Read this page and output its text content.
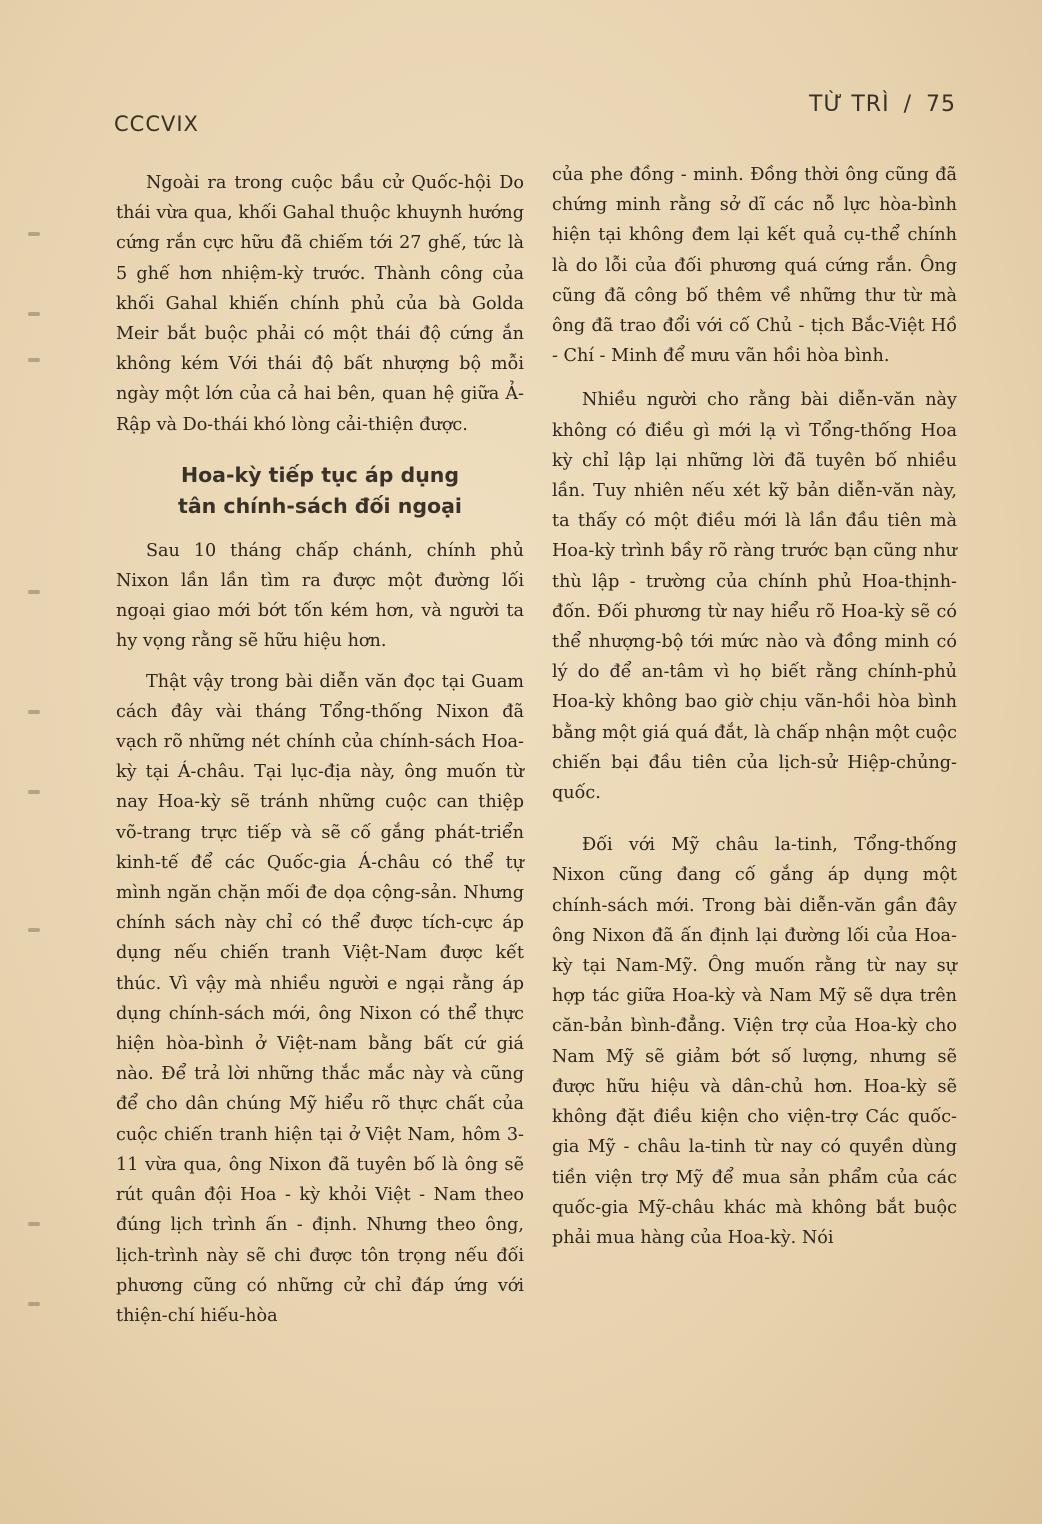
CCCVIX
TỪ TRÌ / 75

Ngoài ra trong cuộc bầu cử Quốc-hội Do thái vừa qua, khối Gahal thuộc khuynh hướng cứng rắn cực hữu đã chiếm tới 27 ghế, tức là 5 ghế hơn nhiệm-kỳ trước. Thành công của khối Gahal khiến chính phủ của bà Golda Meir bắt buộc phải có một thái độ cứng ắn không kém Với thái độ bất nhượng bộ mỗi ngày một lớn của cả hai bên, quan hệ giữa Ả-Rập và Do-thái khó lòng cải-thiện được.

Hoa-kỳ tiếp tục áp dụng
tân chính-sách đối ngoại

Sau 10 tháng chấp chánh, chính phủ Nixon lần lần tìm ra được một đường lối ngoại giao mới bớt tốn kém hơn, và người ta hy vọng rằng sẽ hữu hiệu hơn.

Thật vậy trong bài diễn văn đọc tại Guam cách đây vài tháng Tổng-thống Nixon đã vạch rõ những nét chính của chính-sách Hoa-kỳ tại Á-châu. Tại lục-địa này, ông muốn từ nay Hoa-kỳ sẽ tránh những cuộc can thiệp võ-trang trực tiếp và sẽ cố gắng phát-triển kinh-tế để các Quốc-gia Á-châu có thể tự mình ngăn chặn mối đe dọa cộng-sản. Nhưng chính sách này chỉ có thể được tích-cực áp dụng nếu chiến tranh Việt-Nam được kết thúc. Vì vậy mà nhiều người e ngại rằng áp dụng chính-sách mới, ông Nixon có thể thực hiện hòa-bình ở Việt-nam bằng bất cứ giá nào. Để trả lời những thắc mắc này và cũng để cho dân chúng Mỹ hiểu rõ thực chất của cuộc chiến tranh hiện tại ở Việt Nam, hôm 3-11 vừa qua, ông Nixon đã tuyên bố là ông sẽ rút quân đội Hoa - kỳ khỏi Việt - Nam theo đúng lịch trình ấn - định. Nhưng theo ông, lịch-trình này sẽ chi được tôn trọng nếu đối phương cũng có những cử chỉ đáp ứng với thiện-chí hiếu-hòa

của phe đồng - minh. Đồng thời ông cũng đã chứng minh rằng sở dĩ các nỗ lực hòa-bình hiện tại không đem lại kết quả cụ-thể chính là do lỗi của đối phương quá cứng rắn. Ông cũng đã công bố thêm về những thư từ mà ông đã trao đổi với cố Chủ - tịch Bắc-Việt Hồ - Chí - Minh để mưu vãn hồi hòa bình.

Nhiều người cho rằng bài diễn-văn này không có điều gì mới lạ vì Tổng-thống Hoa kỳ chỉ lập lại những lời đã tuyên bố nhiều lần. Tuy nhiên nếu xét kỹ bản diễn-văn này, ta thấy có một điều mới là lần đầu tiên mà Hoa-kỳ trình bầy rõ ràng trước bạn cũng như thù lập - trường của chính phủ Hoa-thịnh-đốn. Đối phương từ nay hiểu rõ Hoa-kỳ sẽ có thể nhượng-bộ tới mức nào và đồng minh có lý do để an-tâm vì họ biết rằng chính-phủ Hoa-kỳ không bao giờ chịu vãn-hồi hòa bình bằng một giá quá đắt, là chấp nhận một cuộc chiến bại đầu tiên của lịch-sử Hiệp-chủng-quốc.

Đối với Mỹ châu la-tinh, Tổng-thống Nixon cũng đang cố gắng áp dụng một chính-sách mới. Trong bài diễn-văn gần đây ông Nixon đã ấn định lại đường lối của Hoa-kỳ tại Nam-Mỹ. Ông muốn rằng từ nay sự hợp tác giữa Hoa-kỳ và Nam Mỹ sẽ dựa trên căn-bản bình-đẳng. Viện trợ của Hoa-kỳ cho Nam Mỹ sẽ giảm bớt số lượng, nhưng sẽ được hữu hiệu và dân-chủ hơn. Hoa-kỳ sẽ không đặt điều kiện cho viện-trợ Các quốc-gia Mỹ - châu la-tinh từ nay có quyền dùng tiền viện trợ Mỹ để mua sản phẩm của các quốc-gia Mỹ-châu khác mà không bắt buộc phải mua hàng của Hoa-kỳ. Nói
